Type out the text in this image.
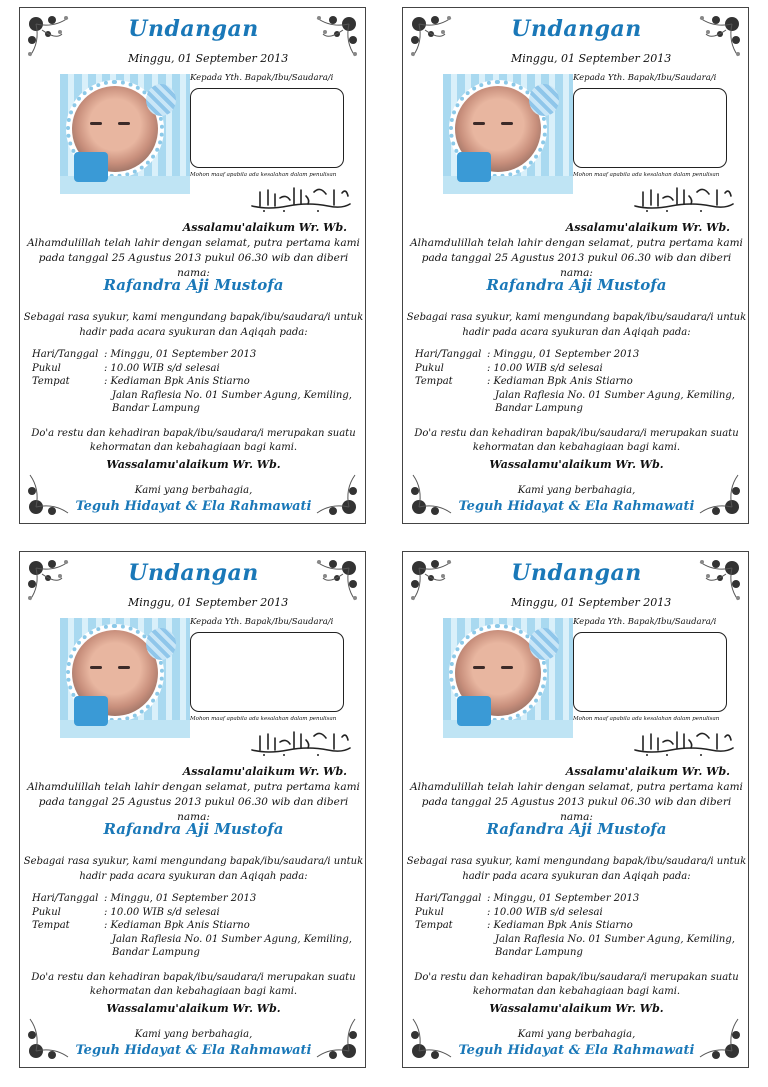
Undangan
Minggu, 01 September 2013
Kepada Yth. Bapak/Ibu/Saudara/i
Mohon maaf apabila ada kesalahan dalam penulisan
Assalamu'alaikum Wr. Wb.
Alhamdulillah telah lahir dengan selamat, putra pertama kami
pada tanggal 25 Agustus 2013 pukul 06.30 wib dan diberi nama:
Rafandra Aji Mustofa
Sebagai rasa syukur, kami mengundang bapak/ibu/saudara/i untuk
hadir pada acara syukuran dan Aqiqah pada:
Hari/Tanggal : Minggu, 01 September 2013
Pukul	: 10.00 WIB s/d selesai
Tempat	: Kediaman Bpk Anis Stiarno
Jalan Raflesia No. 01 Sumber Agung, Kemiling,
Bandar Lampung
Do'a restu dan kehadiran bapak/ibu/saudara/i merupakan suatu
kehormatan dan kebahagiaan bagi kami.
Wassalamu'alaikum Wr. Wb.
Kami yang berbahagia,
Teguh Hidayat & Ela Rahmawati
Undangan
Minggu, 01 September 2013
Kepada Yth. Bapak/Ibu/Saudara/i
Mohon maaf apabila ada kesalahan dalam penulisan
Assalamu'alaikum Wr. Wb.
Alhamdulillah telah lahir dengan selamat, putra pertama kami
pada tanggal 25 Agustus 2013 pukul 06.30 wib dan diberi nama:
Rafandra Aji Mustofa
Sebagai rasa syukur, kami mengundang bapak/ibu/saudara/i untuk
hadir pada acara syukuran dan Aqiqah pada:
Hari/Tanggal : Minggu, 01 September 2013
Pukul	: 10.00 WIB s/d selesai
Tempat	: Kediaman Bpk Anis Stiarno
Jalan Raflesia No. 01 Sumber Agung, Kemiling,
Bandar Lampung
Do'a restu dan kehadiran bapak/ibu/saudara/i merupakan suatu
kehormatan dan kebahagiaan bagi kami.
Wassalamu'alaikum Wr. Wb.
Kami yang berbahagia,
Teguh Hidayat & Ela Rahmawati
Undangan
Minggu, 01 September 2013
Kepada Yth. Bapak/Ibu/Saudara/i
Mohon maaf apabila ada kesalahan dalam penulisan
Assalamu'alaikum Wr. Wb.
Alhamdulillah telah lahir dengan selamat, putra pertama kami
pada tanggal 25 Agustus 2013 pukul 06.30 wib dan diberi nama:
Rafandra Aji Mustofa
Sebagai rasa syukur, kami mengundang bapak/ibu/saudara/i untuk
hadir pada acara syukuran dan Aqiqah pada:
Hari/Tanggal : Minggu, 01 September 2013
Pukul	: 10.00 WIB s/d selesai
Tempat	: Kediaman Bpk Anis Stiarno
Jalan Raflesia No. 01 Sumber Agung, Kemiling,
Bandar Lampung
Do'a restu dan kehadiran bapak/ibu/saudara/i merupakan suatu
kehormatan dan kebahagiaan bagi kami.
Wassalamu'alaikum Wr. Wb.
Kami yang berbahagia,
Teguh Hidayat & Ela Rahmawati
Undangan
Minggu, 01 September 2013
Kepada Yth. Bapak/Ibu/Saudara/i
Mohon maaf apabila ada kesalahan dalam penulisan
Assalamu'alaikum Wr. Wb.
Alhamdulillah telah lahir dengan selamat, putra pertama kami
pada tanggal 25 Agustus 2013 pukul 06.30 wib dan diberi nama:
Rafandra Aji Mustofa
Sebagai rasa syukur, kami mengundang bapak/ibu/saudara/i untuk
hadir pada acara syukuran dan Aqiqah pada:
Hari/Tanggal : Minggu, 01 September 2013
Pukul	: 10.00 WIB s/d selesai
Tempat	: Kediaman Bpk Anis Stiarno
Jalan Raflesia No. 01 Sumber Agung, Kemiling,
Bandar Lampung
Do'a restu dan kehadiran bapak/ibu/saudara/i merupakan suatu
kehormatan dan kebahagiaan bagi kami.
Wassalamu'alaikum Wr. Wb.
Kami yang berbahagia,
Teguh Hidayat & Ela Rahmawati
